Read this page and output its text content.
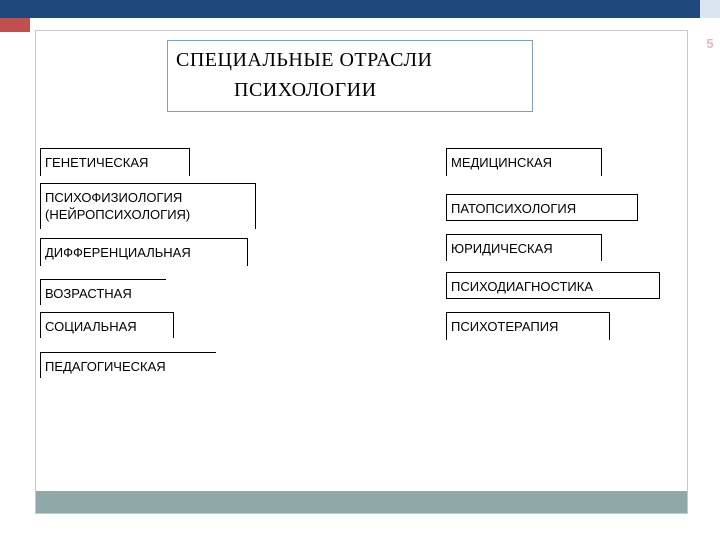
5
СПЕЦИАЛЬНЫЕ ОТРАСЛИ
ПСИХОЛОГИИ
ГЕНЕТИЧЕСКАЯ
ПСИХОФИЗИОЛОГИЯ
(НЕЙРОПСИХОЛОГИЯ)
ДИФФЕРЕНЦИАЛЬНАЯ
ВОЗРАСТНАЯ
СОЦИАЛЬНАЯ
ПЕДАГОГИЧЕСКАЯ
МЕДИЦИНСКАЯ
ПАТОПСИХОЛОГИЯ
ЮРИДИЧЕСКАЯ
ПСИХОДИАГНОСТИКА
ПСИХОТЕРАПИЯ
